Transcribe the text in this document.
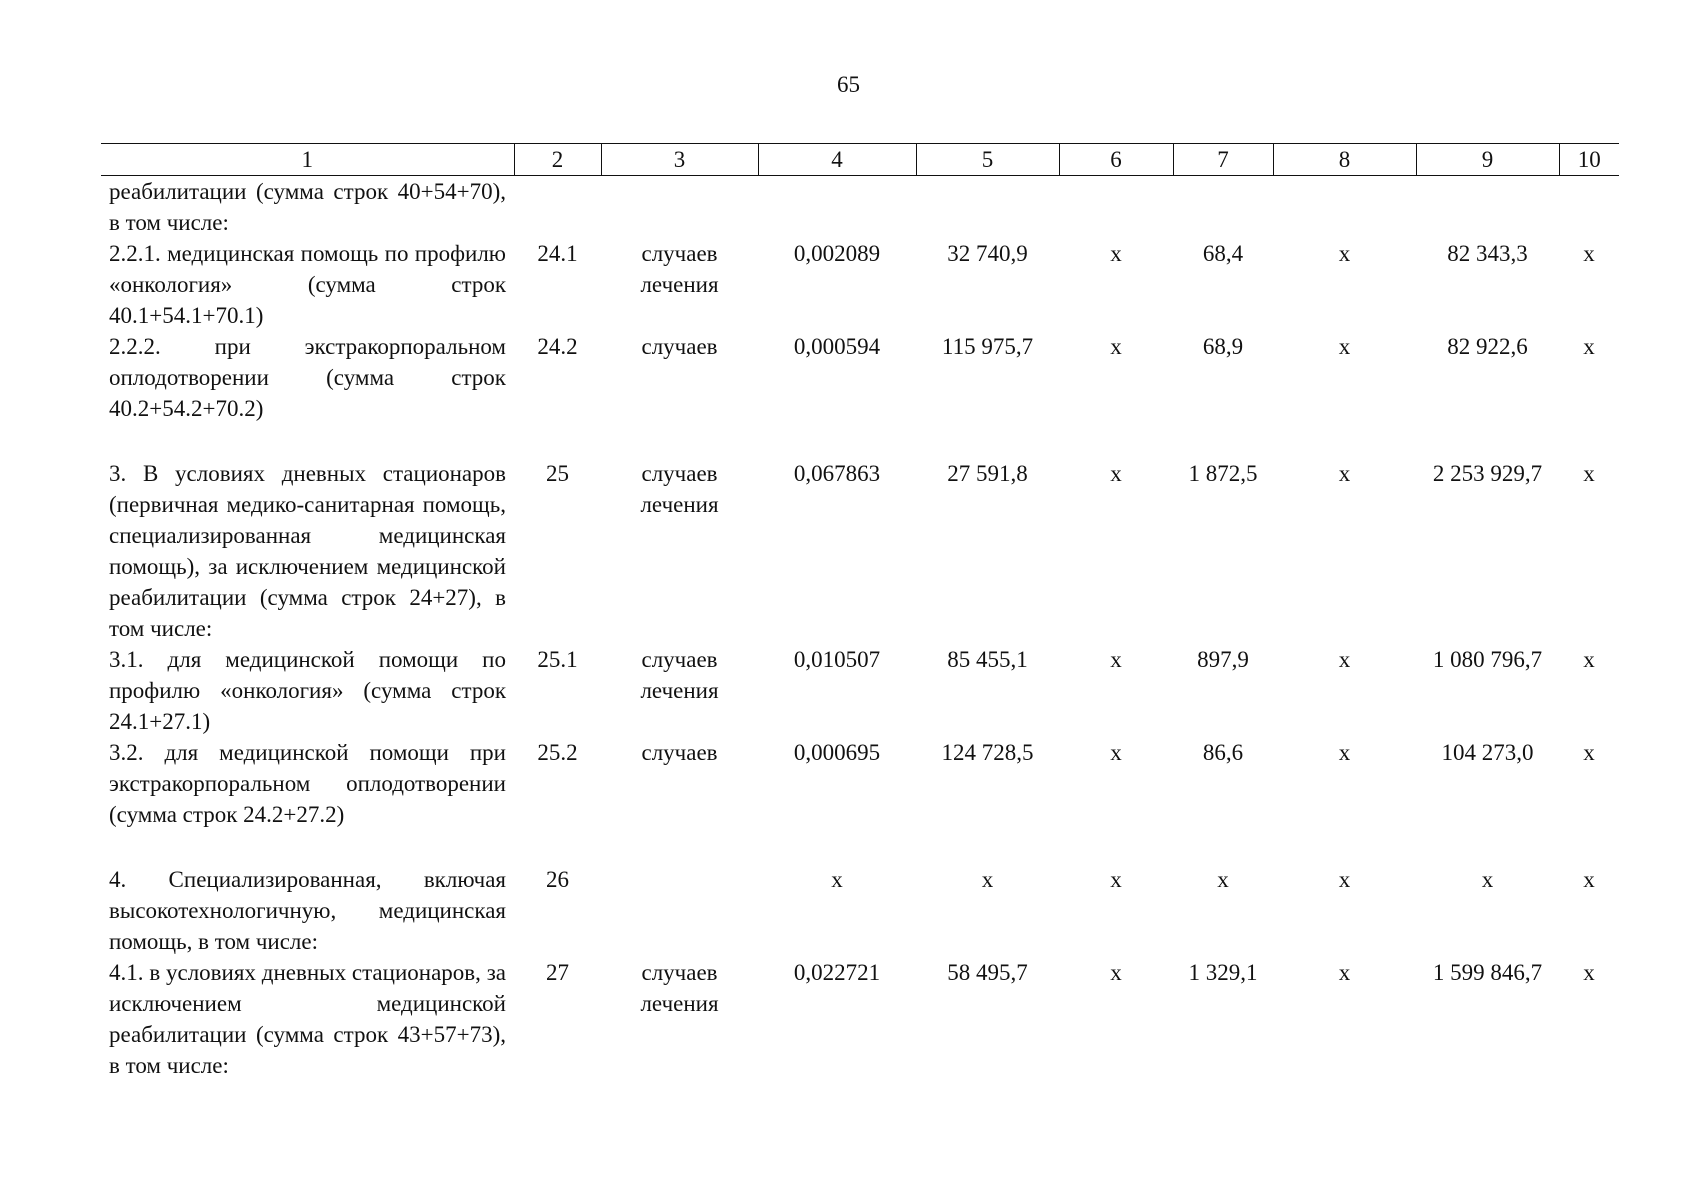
65
1	2	3	4	5	6	7	8	9	10
реабилитации (сумма строк 40+54+70), в том числе:									
2.2.1. медицинская помощь по профилю «онкология» (сумма строк 40.1+54.1+70.1)	24.1	случаев лечения	0,002089	32 740,9	х	68,4	х	82 343,3	х
2.2.2. при экстракорпоральном оплодотворении (сумма строк 40.2+54.2+70.2)	24.2	случаев	0,000594	115 975,7	х	68,9	х	82 922,6	х

3. В условиях дневных стационаров (первичная медико-санитарная помощь, специализированная медицинская помощь), за исключением медицинской реабилитации (сумма строк 24+27), в том числе:	25	случаев лечения	0,067863	27 591,8	х	1 872,5	х	2 253 929,7	х
3.1. для медицинской помощи по профилю «онкология» (сумма строк 24.1+27.1)	25.1	случаев лечения	0,010507	85 455,1	х	897,9	х	1 080 796,7	х
3.2. для медицинской помощи при экстракорпоральном оплодотворении (сумма строк 24.2+27.2)	25.2	случаев	0,000695	124 728,5	х	86,6	х	104 273,0	х

4. Специализированная, включая высокотехнологичную, медицинская помощь, в том числе:	26		х	х	х	х	х	х	х
4.1. в условиях дневных стационаров, за исключением медицинской реабилитации (сумма строк 43+57+73), в том числе:	27	случаев лечения	0,022721	58 495,7	х	1 329,1	х	1 599 846,7	х
